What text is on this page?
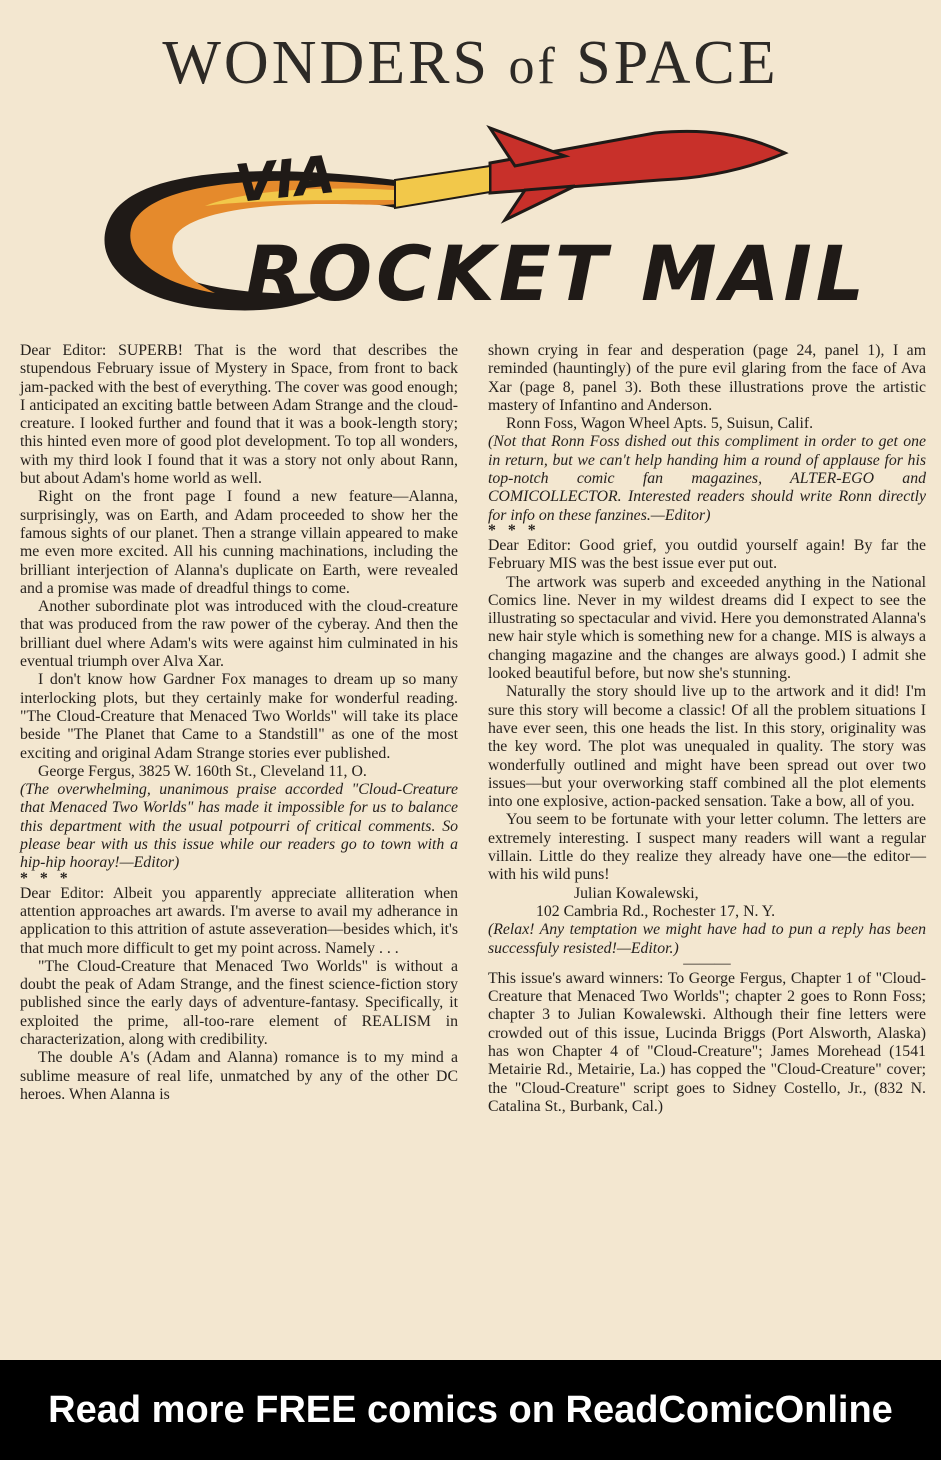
WONDERS of SPACE
VIA
ROCKET MAIL

Dear Editor: SUPERB! That is the word that describes the stupendous February issue of Mystery in Space, from front to back jam-packed with the best of everything. The cover was good enough; I anticipated an exciting battle between Adam Strange and the cloud-creature. I looked further and found that it was a book-length story; this hinted even more of good plot development. To top all wonders, with my third look I found that it was a story not only about Rann, but about Adam's home world as well.

Right on the front page I found a new feature—Alanna, surprisingly, was on Earth, and Adam proceeded to show her the famous sights of our planet. Then a strange villain appeared to make me even more excited. All his cunning machinations, including the brilliant interjection of Alanna's duplicate on Earth, were revealed and a promise was made of dreadful things to come.

Another subordinate plot was introduced with the cloud-creature that was produced from the raw power of the cyberay. And then the brilliant duel where Adam's wits were against him culminated in his eventual triumph over Alva Xar.

I don't know how Gardner Fox manages to dream up so many interlocking plots, but they certainly make for wonderful reading. "The Cloud-Creature that Menaced Two Worlds" will take its place beside "The Planet that Came to a Standstill" as one of the most exciting and original Adam Strange stories ever published.

George Fergus, 3825 W. 160th St., Cleveland 11, O.

(The overwhelming, unanimous praise accorded "Cloud-Creature that Menaced Two Worlds" has made it impossible for us to balance this department with the usual potpourri of critical comments. So please bear with us this issue while our readers go to town with a hip-hip hooray!—Editor)

* * *

Dear Editor: Albeit you apparently appreciate alliteration when attention approaches art awards. I'm averse to avail my adherance in application to this attrition of astute asseveration—besides which, it's that much more difficult to get my point across. Namely . . .

"The Cloud-Creature that Menaced Two Worlds" is without a doubt the peak of Adam Strange, and the finest science-fiction story published since the early days of adventure-fantasy. Specifically, it exploited the prime, all-too-rare element of REALISM in characterization, along with credibility.

The double A's (Adam and Alanna) romance is to my mind a sublime measure of real life, unmatched by any of the other DC heroes. When Alanna is

shown crying in fear and desperation (page 24, panel 1), I am reminded (hauntingly) of the pure evil glaring from the face of Ava Xar (page 8, panel 3). Both these illustrations prove the artistic mastery of Infantino and Anderson.

Ronn Foss, Wagon Wheel Apts. 5, Suisun, Calif.

(Not that Ronn Foss dished out this compliment in order to get one in return, but we can't help handing him a round of applause for his top-notch comic fan magazines, ALTER-EGO and COMICOLLECTOR. Interested readers should write Ronn directly for info on these fanzines.—Editor)

* * *

Dear Editor: Good grief, you outdid yourself again! By far the February MIS was the best issue ever put out.

The artwork was superb and exceeded anything in the National Comics line. Never in my wildest dreams did I expect to see the illustrating so spectacular and vivid. Here you demonstrated Alanna's new hair style which is something new for a change. MIS is always a changing magazine and the changes are always good.) I admit she looked beautiful before, but now she's stunning.

Naturally the story should live up to the artwork and it did! I'm sure this story will become a classic! Of all the problem situations I have ever seen, this one heads the list. In this story, originality was the key word. The plot was unequaled in quality. The story was wonderfully outlined and might have been spread out over two issues—but your overworking staff combined all the plot elements into one explosive, action-packed sensation. Take a bow, all of you.

You seem to be fortunate with your letter column. The letters are extremely interesting. I suspect many readers will want a regular villain. Little do they realize they already have one—the editor—with his wild puns!

Julian Kowalewski,

102 Cambria Rd., Rochester 17, N. Y.

(Relax! Any temptation we might have had to pun a reply has been successfuly resisted!—Editor.)

———

This issue's award winners: To George Fergus, Chapter 1 of "Cloud-Creature that Menaced Two Worlds"; chapter 2 goes to Ronn Foss; chapter 3 to Julian Kowalewski. Although their fine letters were crowded out of this issue, Lucinda Briggs (Port Alsworth, Alaska) has won Chapter 4 of "Cloud-Creature"; James Morehead (1541 Metairie Rd., Metairie, La.) has copped the "Cloud-Creature" cover; the "Cloud-Creature" script goes to Sidney Costello, Jr., (832 N. Catalina St., Burbank, Cal.)

Read more FREE comics on ReadComicOnline
